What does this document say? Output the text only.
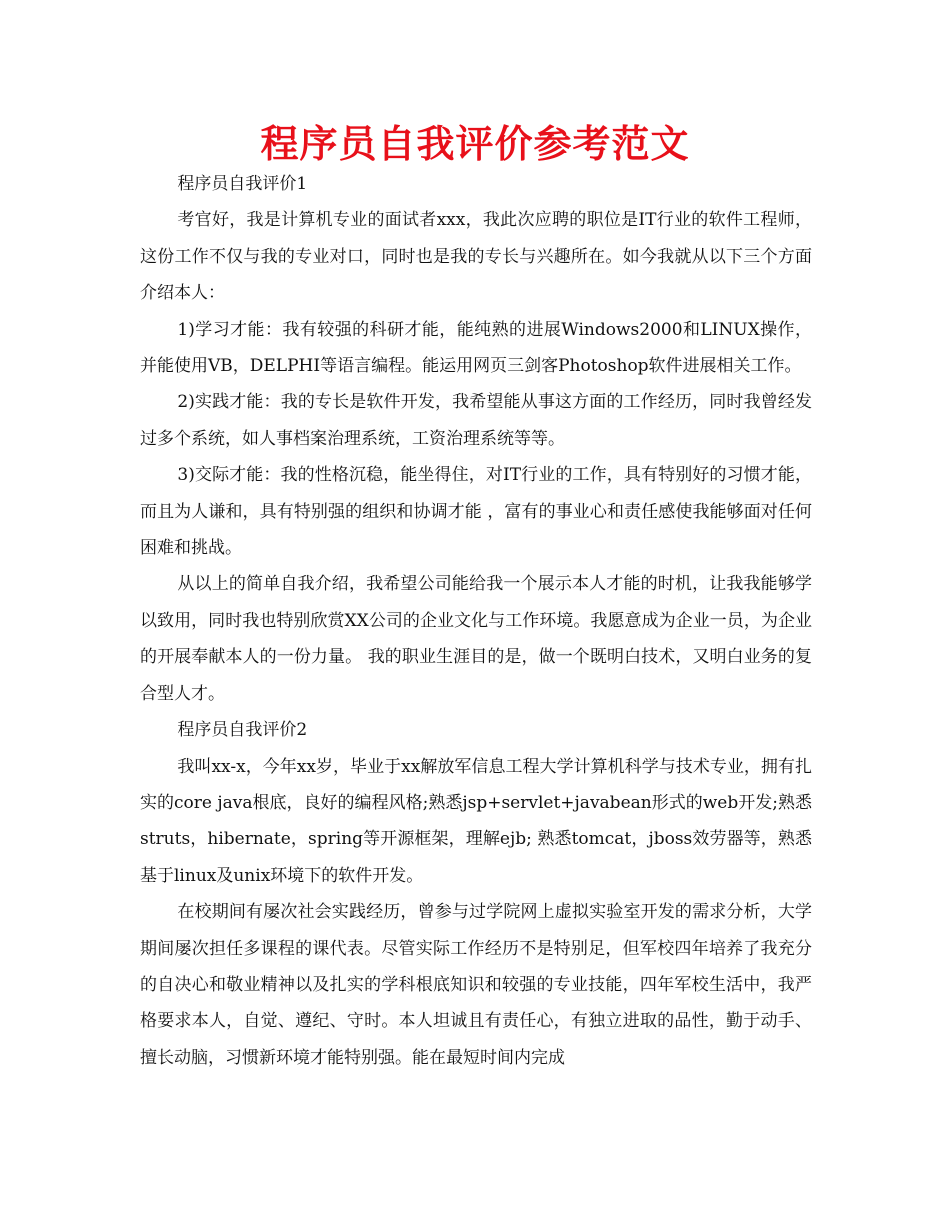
程序员自我评价参考范文

程序员自我评价1

考官好，我是计算机专业的面试者xxx，我此次应聘的职位是IT行业的软件工程师，这份工作不仅与我的专业对口，同时也是我的专长与兴趣所在。如今我就从以下三个方面介绍本人：

1)学习才能：我有较强的科研才能，能纯熟的进展Windows2000和LINUX操作，并能使用VB，DELPHI等语言编程。能运用网页三剑客Photoshop软件进展相关工作。

2)实践才能：我的专长是软件开发，我希望能从事这方面的工作经历，同时我曾经发过多个系统，如人事档案治理系统，工资治理系统等等。

3)交际才能：我的性格沉稳，能坐得住，对IT行业的工作，具有特别好的习惯才能，而且为人谦和，具有特别强的组织和协调才能 ，富有的事业心和责任感使我能够面对任何困难和挑战。

从以上的简单自我介绍，我希望公司能给我一个展示本人才能的时机，让我我能够学以致用，同时我也特别欣赏XX公司的企业文化与工作环境。我愿意成为企业一员，为企业的开展奉献本人的一份力量。 我的职业生涯目的是，做一个既明白技术，又明白业务的复合型人才。

程序员自我评价2

我叫xx-x，今年xx岁，毕业于xx解放军信息工程大学计算机科学与技术专业，拥有扎实的core java根底，良好的编程风格;熟悉jsp+servlet+javabean形式的web开发;熟悉struts，hibernate，spring等开源框架，理解ejb; 熟悉tomcat，jboss效劳器等，熟悉基于linux及unix环境下的软件开发。

在校期间有屡次社会实践经历，曾参与过学院网上虚拟实验室开发的需求分析，大学期间屡次担任多课程的课代表。尽管实际工作经历不是特别足，但军校四年培养了我充分的自决心和敬业精神以及扎实的学科根底知识和较强的专业技能，四年军校生活中，我严格要求本人，自觉、遵纪、守时。本人坦诚且有责任心，有独立进取的品性，勤于动手、擅长动脑，习惯新环境才能特别强。能在最短时间内完成
